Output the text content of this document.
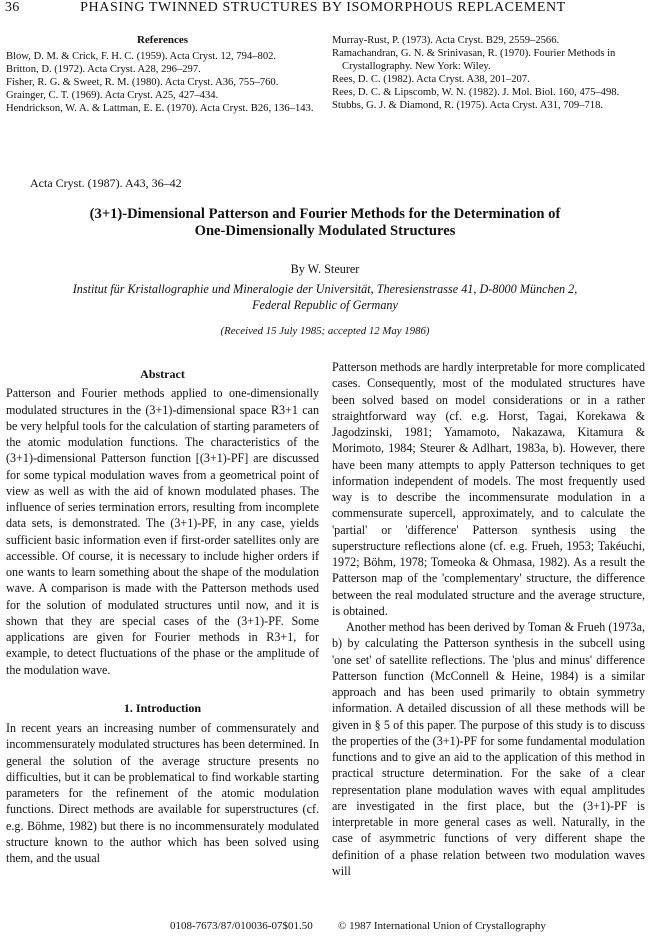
36	PHASING TWINNED STRUCTURES BY ISOMORPHOUS REPLACEMENT
References
Blow, D. M. & Crick, F. H. C. (1959). Acta Cryst. 12, 794–802.
Britton, D. (1972). Acta Cryst. A28, 296–297.
Fisher, R. G. & Sweet, R. M. (1980). Acta Cryst. A36, 755–760.
Grainger, C. T. (1969). Acta Cryst. A25, 427–434.
Hendrickson, W. A. & Lattman, E. E. (1970). Acta Cryst. B26, 136–143.
Murray-Rust, P. (1973). Acta Cryst. B29, 2559–2566.
Ramachandran, G. N. & Srinivasan, R. (1970). Fourier Methods in Crystallography. New York: Wiley.
Rees, D. C. (1982). Acta Cryst. A38, 201–207.
Rees, D. C. & Lipscomb, W. N. (1982). J. Mol. Biol. 160, 475–498.
Stubbs, G. J. & Diamond, R. (1975). Acta Cryst. A31, 709–718.
Acta Cryst. (1987). A43, 36–42
(3+1)-Dimensional Patterson and Fourier Methods for the Determination of
One-Dimensionally Modulated Structures
By W. Steurer
Institut für Kristallographie und Mineralogie der Universität, Theresienstrasse 41, D-8000 München 2,
Federal Republic of Germany
(Received 15 July 1985; accepted 12 May 1986)
Abstract

Patterson and Fourier methods applied to one-dimensionally modulated structures in the (3+1)-dimensional space R3+1 can be very helpful tools for the calculation of starting parameters of the atomic modulation functions. The characteristics of the (3+1)-dimensional Patterson function [(3+1)-PF] are discussed for some typical modulation waves from a geometrical point of view as well as with the aid of known modulated phases. The influence of series termination errors, resulting from incomplete data sets, is demonstrated. The (3+1)-PF, in any case, yields sufficient basic information even if first-order satellites only are accessible. Of course, it is necessary to include higher orders if one wants to learn something about the shape of the modulation wave. A comparison is made with the Patterson methods used for the solution of modulated structures until now, and it is shown that they are special cases of the (3+1)-PF. Some applications are given for Fourier methods in R3+1, for example, to detect fluctuations of the phase or the amplitude of the modulation wave.

1. Introduction

In recent years an increasing number of commensurately and incommensurately modulated structures has been determined. In general the solution of the average structure presents no difficulties, but it can be problematical to find workable starting parameters for the refinement of the atomic modulation functions. Direct methods are available for superstructures (cf. e.g. Böhme, 1982) but there is no incommensurately modulated structure known to the author which has been solved using them, and the usual

Patterson methods are hardly interpretable for more complicated cases. Consequently, most of the modulated structures have been solved based on model considerations or in a rather straightforward way (cf. e.g. Horst, Tagai, Korekawa & Jagodzinski, 1981; Yamamoto, Nakazawa, Kitamura & Morimoto, 1984; Steurer & Adlhart, 1983a, b). However, there have been many attempts to apply Patterson techniques to get information independent of models. The most frequently used way is to describe the incommensurate modulation in a commensurate supercell, approximately, and to calculate the 'partial' or 'difference' Patterson synthesis using the superstructure reflections alone (cf. e.g. Frueh, 1953; Takéuchi, 1972; Böhm, 1978; Tomeoka & Ohmasa, 1982). As a result the Patterson map of the 'complementary' structure, the difference between the real modulated structure and the average structure, is obtained.

Another method has been derived by Toman & Frueh (1973a, b) by calculating the Patterson synthesis in the subcell using 'one set' of satellite reflections. The 'plus and minus' difference Patterson function (McConnell & Heine, 1984) is a similar approach and has been used primarily to obtain symmetry information. A detailed discussion of all these methods will be given in § 5 of this paper. The purpose of this study is to discuss the properties of the (3+1)-PF for some fundamental modulation functions and to give an aid to the application of this method in practical structure determination. For the sake of a clear representation plane modulation waves with equal amplitudes are investigated in the first place, but the (3+1)-PF is interpretable in more general cases as well. Naturally, in the case of asymmetric functions of very different shape the definition of a phase relation between two modulation waves will

0108-7673/87/010036-07$01.50 © 1987 International Union of Crystallography
